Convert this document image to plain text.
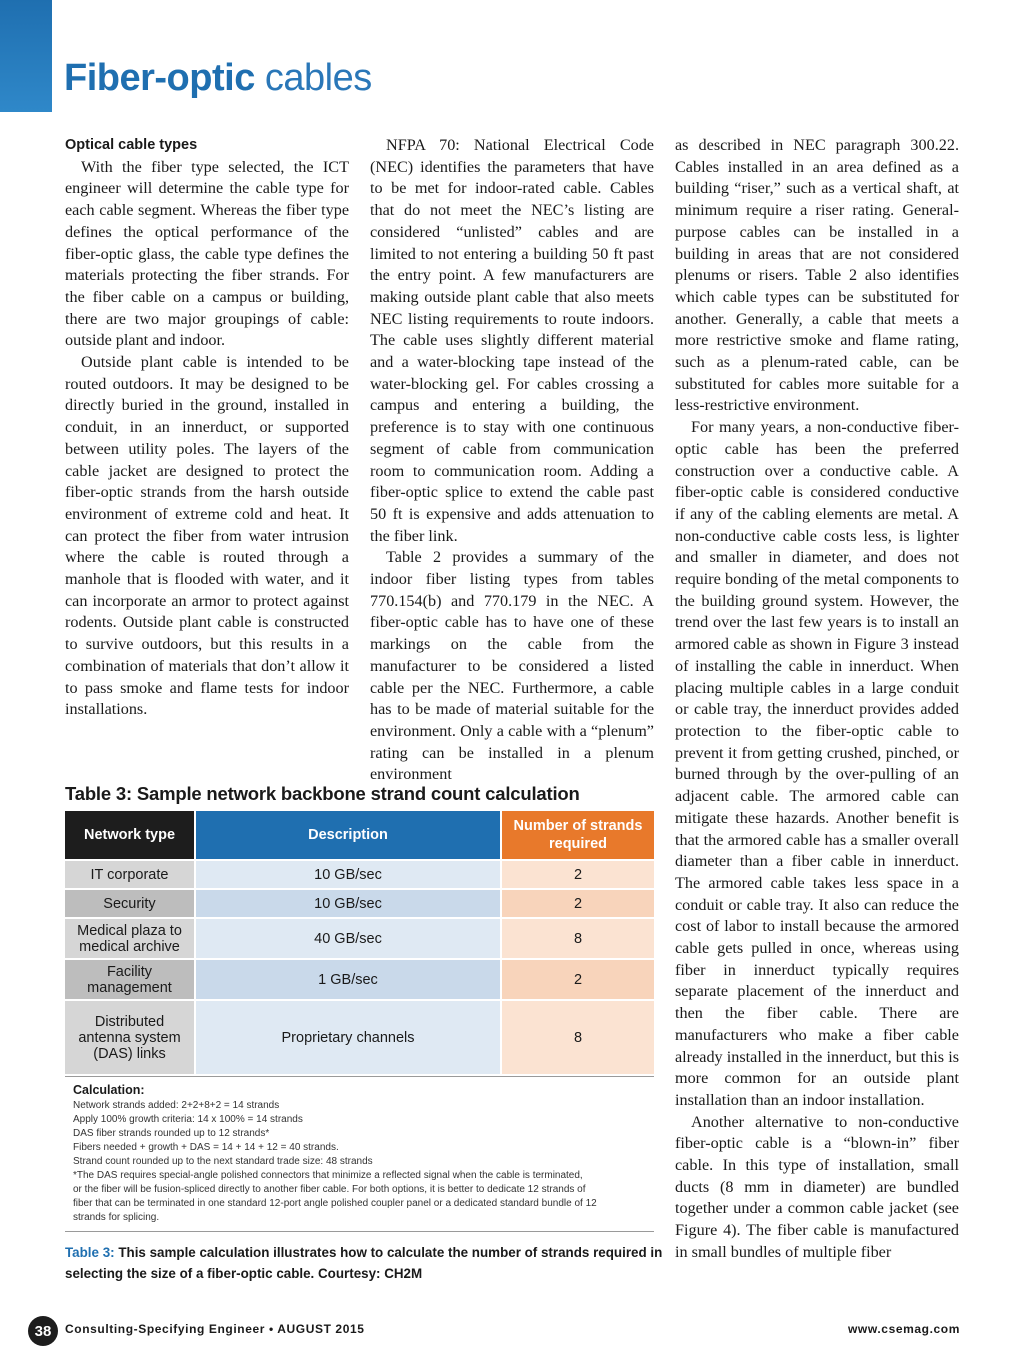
Fiber-optic cables

Optical cable types

With the fiber type selected, the ICT engineer will determine the cable type for each cable segment. Whereas the fiber type defines the optical performance of the fiber-optic glass, the cable type defines the materials protecting the fiber strands. For the fiber cable on a campus or building, there are two major groupings of cable: outside plant and indoor.

Outside plant cable is intended to be routed outdoors. It may be designed to be directly buried in the ground, installed in conduit, in an innerduct, or supported between utility poles. The layers of the cable jacket are designed to protect the fiber-optic strands from the harsh outside environment of extreme cold and heat. It can protect the fiber from water intrusion where the cable is routed through a manhole that is flooded with water, and it can incorporate an armor to protect against rodents. Outside plant cable is constructed to survive outdoors, but this results in a combination of materials that don’t allow it to pass smoke and flame tests for indoor installations.

NFPA 70: National Electrical Code (NEC) identifies the parameters that have to be met for indoor-rated cable. Cables that do not meet the NEC’s listing are considered “unlisted” cables and are limited to not entering a building 50 ft past the entry point. A few manufacturers are making outside plant cable that also meets NEC listing requirements to route indoors. The cable uses slightly different material and a water-blocking tape instead of the water-blocking gel. For cables crossing a campus and entering a building, the preference is to stay with one continuous segment of cable from communication room to communication room. Adding a fiber-optic splice to extend the cable past 50 ft is expensive and adds attenuation to the fiber link.

Table 2 provides a summary of the indoor fiber listing types from tables 770.154(b) and 770.179 in the NEC. A fiber-optic cable has to have one of these markings on the cable from the manufacturer to be considered a listed cable per the NEC. Furthermore, a cable has to be made of material suitable for the environment. Only a cable with a “plenum” rating can be installed in a plenum environment

as described in NEC paragraph 300.22. Cables installed in an area defined as a building “riser,” such as a vertical shaft, at minimum require a riser rating. General-purpose cables can be installed in a building in areas that are not considered plenums or risers. Table 2 also identifies which cable types can be substituted for another. Generally, a cable that meets a more restrictive smoke and flame rating, such as a plenum-rated cable, can be substituted for cables more suitable for a less-restrictive environment.

For many years, a non-conductive fiber-optic cable has been the preferred construction over a conductive cable. A fiber-optic cable is considered conductive if any of the cabling elements are metal. A non-conductive cable costs less, is lighter and smaller in diameter, and does not require bonding of the metal components to the building ground system. However, the trend over the last few years is to install an armored cable as shown in Figure 3 instead of installing the cable in innerduct. When placing multiple cables in a large conduit or cable tray, the innerduct provides added protection to the fiber-optic cable to prevent it from getting crushed, pinched, or burned through by the over-pulling of an adjacent cable. The armored cable can mitigate these hazards. Another benefit is that the armored cable has a smaller overall diameter than a fiber cable in innerduct. The armored cable takes less space in a conduit or cable tray. It also can reduce the cost of labor to install because the armored cable gets pulled in once, whereas using fiber in innerduct typically requires separate placement of the innerduct and then the fiber cable. There are manufacturers who make a fiber cable already installed in the innerduct, but this is more common for an outside plant installation than an indoor installation.

Another alternative to non-conductive fiber-optic cable is a “blown-in” fiber cable. In this type of installation, small ducts (8 mm in diameter) are bundled together under a common cable jacket (see Figure 4). The fiber cable is manufactured in small bundles of multiple fiber

Table 3: Sample network backbone strand count calculation

Network type	Description	Number of strands required
IT corporate	10 GB/sec	2
Security	10 GB/sec	2
Medical plaza to medical archive	40 GB/sec	8
Facility management	1 GB/sec	2
Distributed antenna system (DAS) links	Proprietary channels	8

Calculation:

Network strands added: 2+2+8+2 = 14 strands

Apply 100% growth criteria: 14 x 100% = 14 strands

DAS fiber strands rounded up to 12 strands*

Fibers needed + growth + DAS = 14 + 14 + 12 = 40 strands.

Strand count rounded up to the next standard trade size: 48 strands

*The DAS requires special-angle polished connectors that minimize a reflected signal when the cable is terminated,

or the fiber will be fusion-spliced directly to another fiber cable. For both options, it is better to dedicate 12 strands of

fiber that can be terminated in one standard 12-port angle polished coupler panel or a dedicated standard bundle of 12

strands for splicing.

Table 3: This sample calculation illustrates how to calculate the number of strands required in selecting the size of a fiber-optic cable. Courtesy: CH2M

38	Consulting-Specifying Engineer • AUGUST 2015	www.csemag.com
